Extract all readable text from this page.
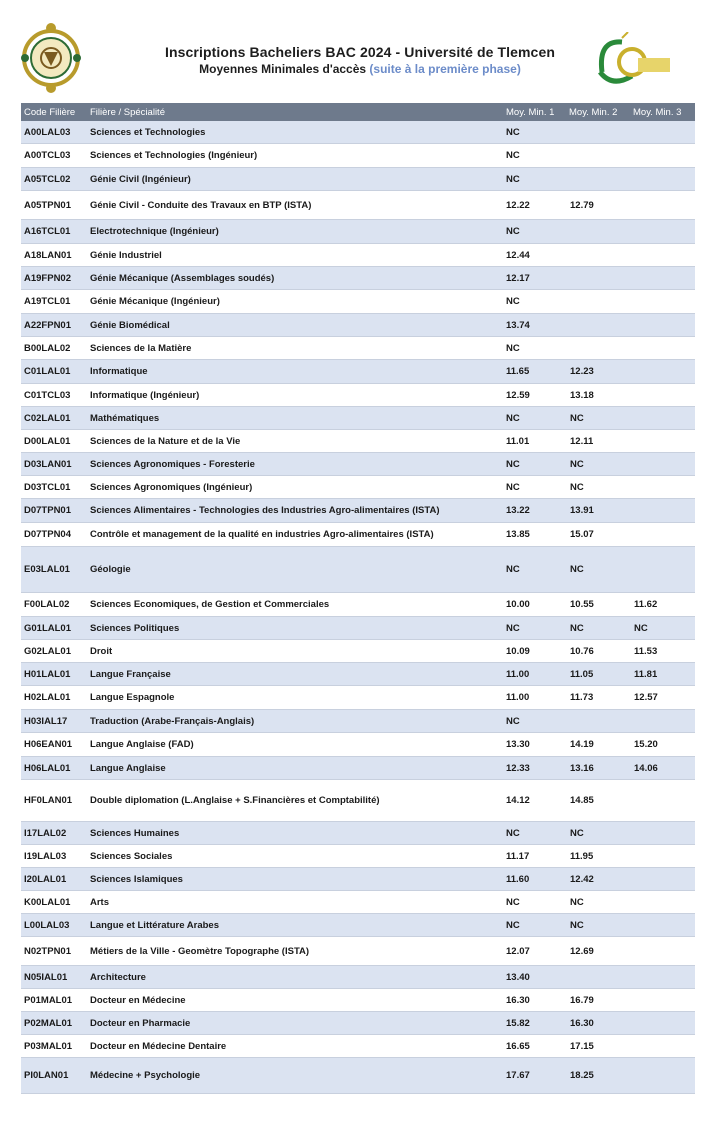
Inscriptions Bacheliers BAC 2024 - Université de Tlemcen
Moyennes Minimales d'accès (suite à la première phase)
Code Filière	Filière / Spécialité	Moy. Min. 1	Moy. Min. 2	Moy. Min. 3
A00LAL03	Sciences et Technologies	NC
A00TCL03	Sciences et Technologies (Ingénieur)	NC
A05TCL02	Génie Civil (Ingénieur)	NC
A05TPN01	Génie Civil - Conduite des Travaux en BTP (ISTA)	12.22	12.79
A16TCL01	Electrotechnique (Ingénieur)	NC
A18LAN01	Génie Industriel	12.44
A19FPN02	Génie Mécanique (Assemblages soudés)	12.17
A19TCL01	Génie Mécanique (Ingénieur)	NC
A22FPN01	Génie Biomédical	13.74
B00LAL02	Sciences de la Matière	NC
C01LAL01	Informatique	11.65	12.23
C01TCL03	Informatique (Ingénieur)	12.59	13.18
C02LAL01	Mathématiques	NC	NC
D00LAL01	Sciences de la Nature et de la Vie	11.01	12.11
D03LAN01	Sciences Agronomiques - Foresterie	NC	NC
D03TCL01	Sciences Agronomiques (Ingénieur)	NC	NC
D07TPN01	Sciences Alimentaires - Technologies des Industries Agro-alimentaires (ISTA)	13.22	13.91
D07TPN04	Contrôle et management de la qualité en industries Agro-alimentaires (ISTA)	13.85	15.07
E03LAL01	Géologie	NC	NC
F00LAL02	Sciences Economiques, de Gestion et Commerciales	10.00	10.55	11.62
G01LAL01	Sciences Politiques	NC	NC	NC
G02LAL01	Droit	10.09	10.76	11.53
H01LAL01	Langue Française	11.00	11.05	11.81
H02LAL01	Langue Espagnole	11.00	11.73	12.57
H03IAL17	Traduction (Arabe-Français-Anglais)	NC
H06EAN01	Langue Anglaise (FAD)	13.30	14.19	15.20
H06LAL01	Langue Anglaise	12.33	13.16	14.06
HF0LAN01	Double diplomation (L.Anglaise + S.Financières et Comptabilité)	14.12	14.85
I17LAL02	Sciences Humaines	NC	NC
I19LAL03	Sciences Sociales	11.17	11.95
I20LAL01	Sciences Islamiques	11.60	12.42
K00LAL01	Arts	NC	NC
L00LAL03	Langue et Littérature Arabes	NC	NC
N02TPN01	Métiers de la Ville - Geomètre Topographe (ISTA)	12.07	12.69
N05IAL01	Architecture	13.40
P01MAL01	Docteur en Médecine	16.30	16.79
P02MAL01	Docteur en Pharmacie	15.82	16.30
P03MAL01	Docteur en Médecine Dentaire	16.65	17.15
PI0LAN01	Médecine + Psychologie	17.67	18.25
